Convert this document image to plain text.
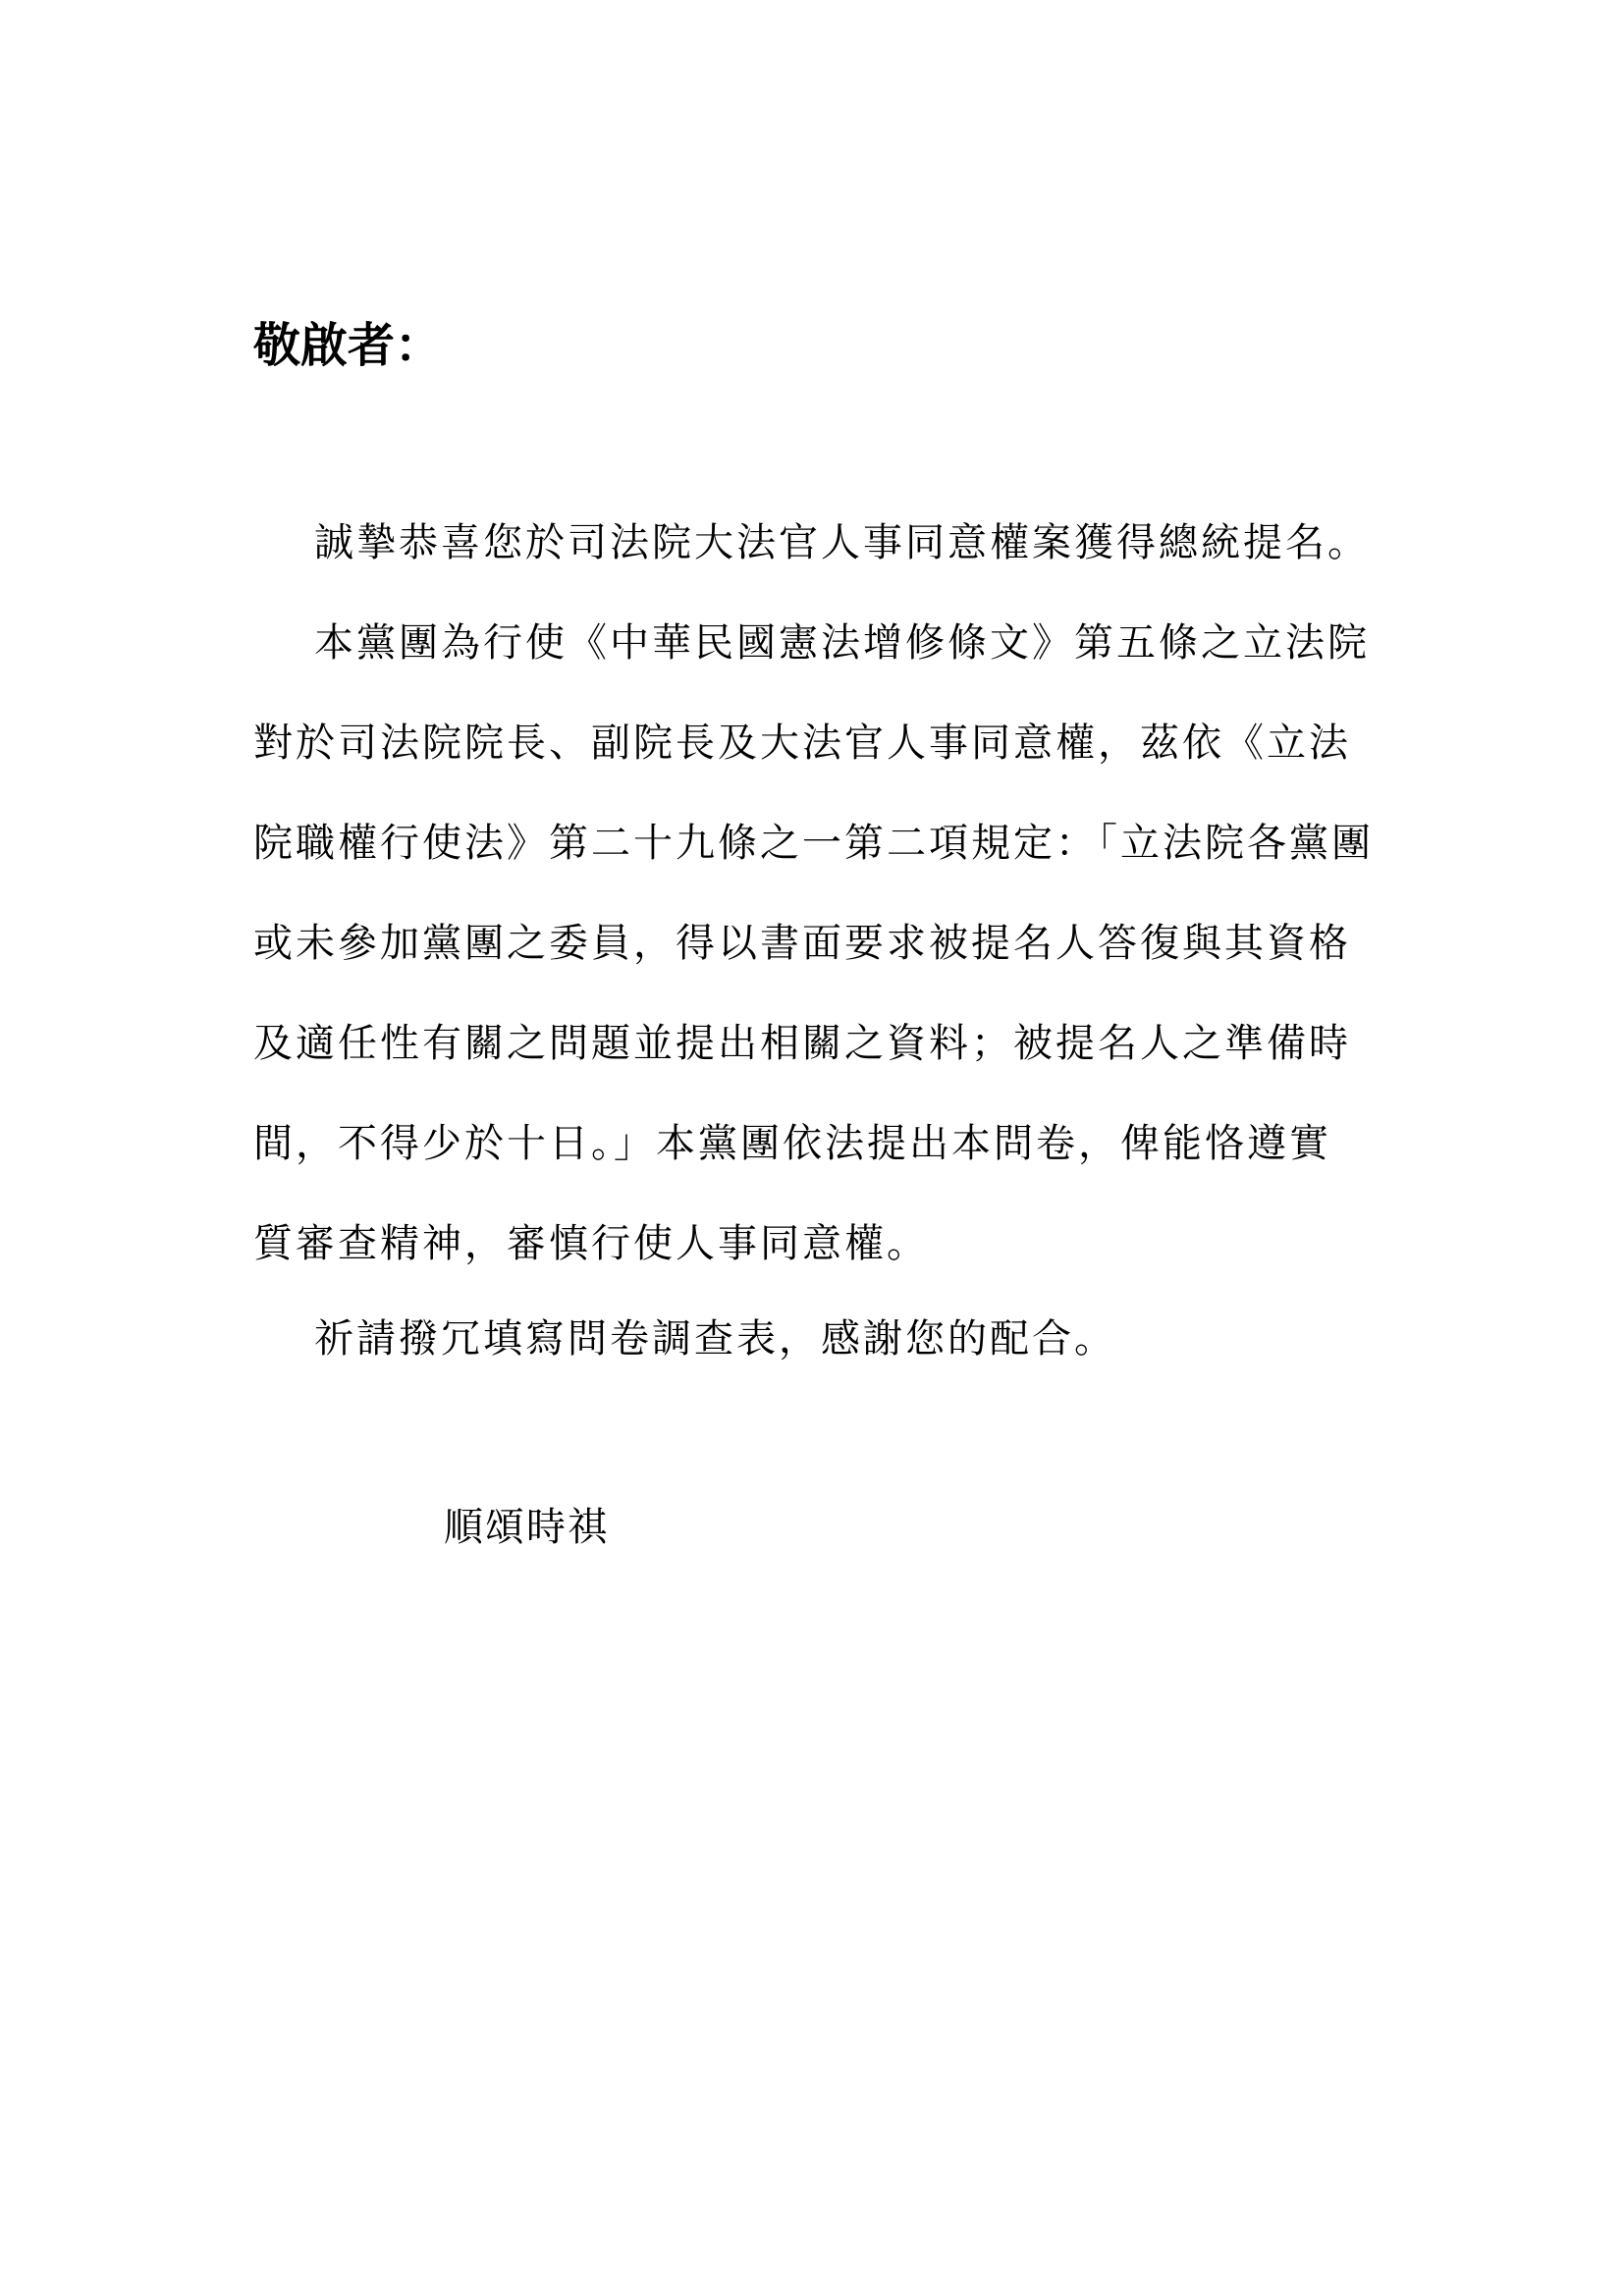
敬啟者：
誠摯恭喜您於司法院大法官人事同意權案獲得總統提名。
本黨團為行使《中華民國憲法增修條文》第五條之立法院
對於司法院院長、副院長及大法官人事同意權，茲依《立法
院職權行使法》第二十九條之一第二項規定：「立法院各黨團
或未參加黨團之委員，得以書面要求被提名人答復與其資格
及適任性有關之問題並提出相關之資料；被提名人之準備時
間，不得少於十日。」本黨團依法提出本問卷，俾能恪遵實
質審查精神，審慎行使人事同意權。
祈請撥冗填寫問卷調查表，感謝您的配合。
順頌時祺
